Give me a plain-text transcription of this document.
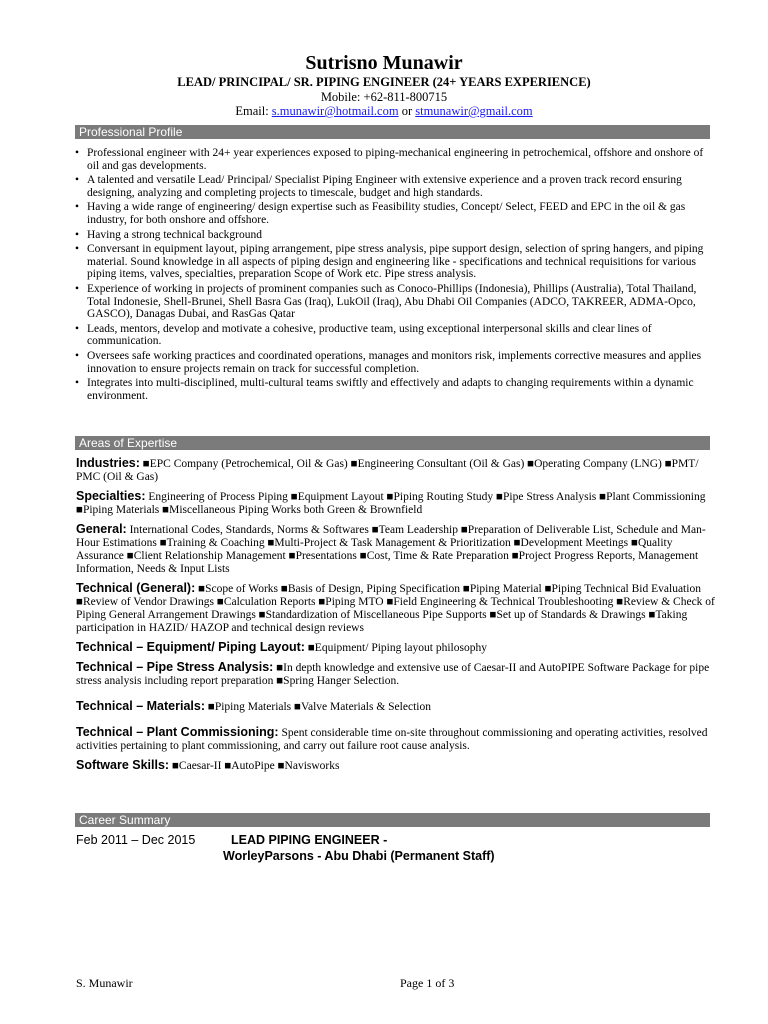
Sutrisno Munawir
LEAD/ PRINCIPAL/ SR. PIPING ENGINEER (24+ YEARS EXPERIENCE)
Mobile: +62-811-800715
Email: s.munawir@hotmail.com or stmunawir@gmail.com
Professional Profile
• Professional engineer with 24+ year experiences exposed to piping-mechanical engineering in petrochemical, offshore and onshore of oil and gas developments.
• A talented and versatile Lead/ Principal/ Specialist Piping Engineer with extensive experience and a proven track record ensuring designing, analyzing and completing projects to timescale, budget and high standards.
• Having a wide range of engineering/ design expertise such as Feasibility studies, Concept/ Select, FEED and EPC in the oil & gas industry, for both onshore and offshore.
• Having a strong technical background
• Conversant in equipment layout, piping arrangement, pipe stress analysis, pipe support design, selection of spring hangers, and piping material. Sound knowledge in all aspects of piping design and engineering like - specifications and technical requisitions for various piping items, valves, specialties, preparation Scope of Work etc. Pipe stress analysis.
• Experience of working in projects of prominent companies such as Conoco-Phillips (Indonesia), Phillips (Australia), Total Thailand, Total Indonesie, Shell-Brunei, Shell Basra Gas (Iraq), LukOil (Iraq), Abu Dhabi Oil Companies (ADCO, TAKREER, ADMA-Opco, GASCO), Danagas Dubai, and RasGas Qatar
• Leads, mentors, develop and motivate a cohesive, productive team, using exceptional interpersonal skills and clear lines of communication.
• Oversees safe working practices and coordinated operations, manages and monitors risk, implements corrective measures and applies innovation to ensure projects remain on track for successful completion.
• Integrates into multi-disciplined, multi-cultural teams swiftly and effectively and adapts to changing requirements within a dynamic environment.
Areas of Expertise
Industries: ■EPC Company (Petrochemical, Oil & Gas) ■Engineering Consultant (Oil & Gas) ■Operating Company (LNG) ■PMT/ PMC (Oil & Gas)
Specialties: Engineering of Process Piping ■Equipment Layout ■Piping Routing Study ■Pipe Stress Analysis ■Plant Commissioning ■Piping Materials ■Miscellaneous Piping Works both Green & Brownfield
General: International Codes, Standards, Norms & Softwares ■Team Leadership ■Preparation of Deliverable List, Schedule and Man-Hour Estimations ■Training & Coaching ■Multi-Project & Task Management & Prioritization ■Development Meetings ■Quality Assurance ■Client Relationship Management ■Presentations ■Cost, Time & Rate Preparation ■Project Progress Reports, Management Information, Needs & Input Lists
Technical (General): ■Scope of Works ■Basis of Design, Piping Specification ■Piping Material ■Piping Technical Bid Evaluation ■Review of Vendor Drawings ■Calculation Reports ■Piping MTO ■Field Engineering & Technical Troubleshooting ■Review & Check of Piping General Arrangement Drawings ■Standardization of Miscellaneous Pipe Supports ■Set up of Standards & Drawings ■Taking participation in HAZID/ HAZOP and technical design reviews
Technical – Equipment/ Piping Layout: ■Equipment/ Piping layout philosophy
Technical – Pipe Stress Analysis: ■In depth knowledge and extensive use of Caesar-II and AutoPIPE Software Package for pipe stress analysis including report preparation ■Spring Hanger Selection.
Technical – Materials: ■Piping Materials ■Valve Materials & Selection
Technical – Plant Commissioning: Spent considerable time on-site throughout commissioning and operating activities, resolved activities pertaining to plant commissioning, and carry out failure root cause analysis.
Software Skills: ■Caesar-II ■AutoPipe ■Navisworks
Career Summary
Feb 2011 – Dec 2015	LEAD PIPING ENGINEER -
WorleyParsons - Abu Dhabi (Permanent Staff)
S. Munawir	Page 1 of 3
